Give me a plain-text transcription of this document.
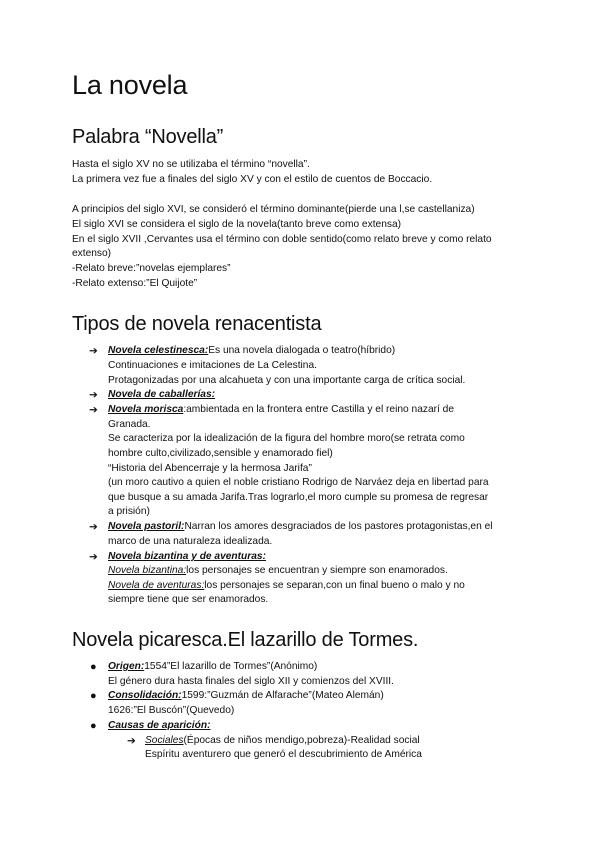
La novela
Palabra “Novella”
Hasta el siglo XV no se utilizaba el término “novella”.
La primera vez fue a finales del siglo XV y con el estilo de cuentos de Boccacio.
A principios del siglo XVI, se consideró el término dominante(pierde una l,se castellaniza)
El siglo XVI se considera el siglo de la novela(tanto breve como extensa)
En el siglo XVII ,Cervantes usa el término con doble sentido(como relato breve y como relato
extenso)
-Relato breve:”novelas ejemplares”
-Relato extenso:”El Quijote”
Tipos de novela renacentista
➔ Novela celestinesca:Es una novela dialogada o teatro(híbrido)
Continuaciones e imitaciones de La Celestina.
Protagonizadas por una alcahueta y con una importante carga de crítica social.
➔ Novela de caballerías:
➔ Novela morisca:ambientada en la frontera entre Castilla y el reino nazarí de
Granada.
Se caracteriza por la idealización de la figura del hombre moro(se retrata como
hombre culto,civilizado,sensible y enamorado fiel)
“Historia del Abencerraje y la hermosa Jarifa”
(un moro cautivo a quien el noble cristiano Rodrigo de Narváez deja en libertad para
que busque a su amada Jarifa.Tras lograrlo,el moro cumple su promesa de regresar
a prisión)
➔ Novela pastoril:Narran los amores desgraciados de los pastores protagonistas,en el
marco de una naturaleza idealizada.
➔ Novela bizantina y de aventuras:
Novela bizantina:los personajes se encuentran y siempre son enamorados.
Novela de aventuras:los personajes se separan,con un final bueno o malo y no
siempre tiene que ser enamorados.
Novela picaresca.El lazarillo de Tormes.
● Origen:1554”El lazarillo de Tormes”(Anónimo)
El género dura hasta finales del siglo XII y comienzos del XVIII.
● Consolidación:1599:”Guzmán de Alfarache”(Mateo Alemán)
1626:”El Buscón”(Quevedo)
● Causas de aparición:
➔ Sociales(Épocas de niños mendigo,pobreza)-Realidad social
Espíritu aventurero que generó el descubrimiento de América
